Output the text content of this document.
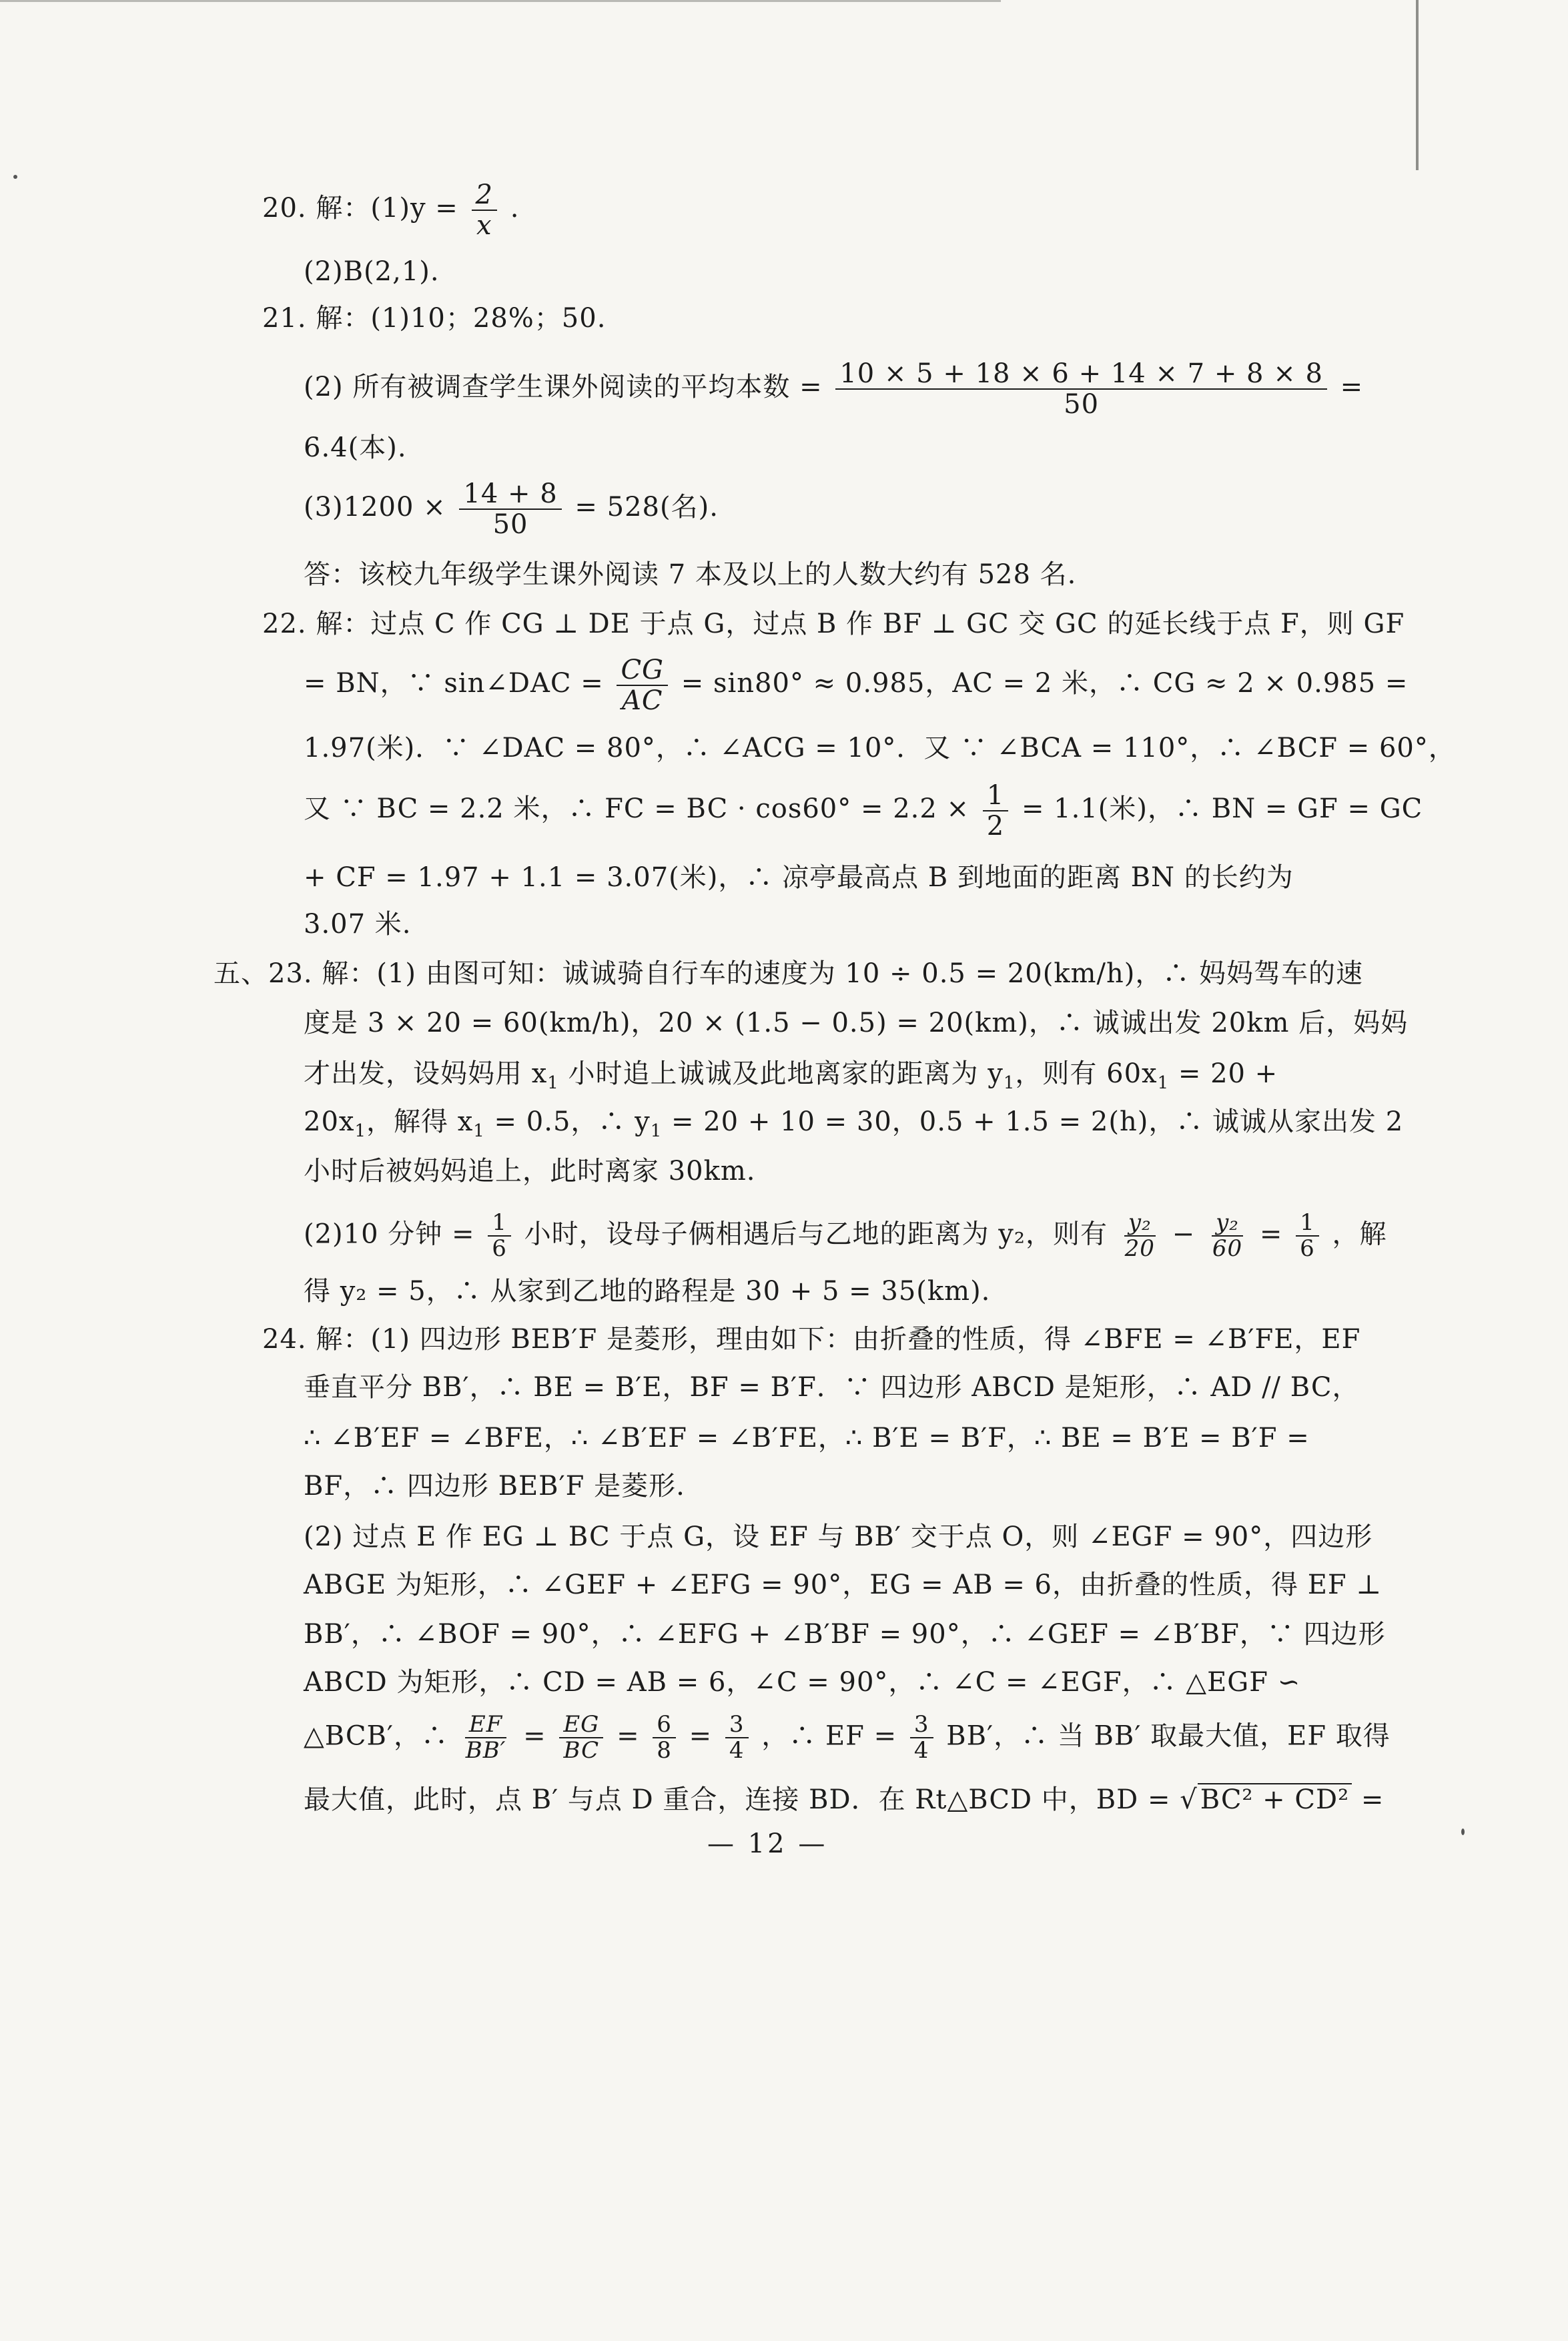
20. 解：$(1)y = \frac{2}{x}$ .
(2)B(2,1).
21. 解：(1)10；28%；50.
(2) 所有被调查学生课外阅读的平均本数 = $\frac{10 \times 5 + 18 \times 6 + 14 \times 7 + 8 \times 8}{50}$ =
6.4(本).
$(3)1200 \times \frac{14 + 8}{50} = 528$(名).
答：该校九年级学生课外阅读 7 本及以上的人数大约有 528 名.
22. 解：过点 C 作 CG ⊥ DE 于点 G，过点 B 作 BF ⊥ GC 交 GC 的延长线于点 F，则 GF
= BN，∵ sin∠DAC = $\frac{CG}{AC} = \sin 80^\circ \approx 0.985$，AC = 2 米，∴ CG ≈ 2 × 0.985 =
1.97(米)．∵ ∠DAC = 80°，∴ ∠ACG = 10°．又 ∵ ∠BCA = 110°，∴ ∠BCF = 60°，
又 ∵ BC = 2.2 米，∴ FC = BC · $\cos 60^\circ = 2.2 \times \frac{1}{2} = 1.1$(米)，∴ BN = GF = GC
+ CF = 1.97 + 1.1 = 3.07(米)，∴ 凉亭最高点 B 到地面的距离 BN 的长约为
3.07 米.
五、23. 解：(1) 由图可知：诚诚骑自行车的速度为 10 ÷ 0.5 = 20(km/h)，∴ 妈妈驾车的速
度是 3 × 20 = 60(km/h)，20 × (1.5 − 0.5) = 20(km)，∴ 诚诚出发 20km 后，妈妈
才出发，设妈妈用 $x_1$ 小时追上诚诚及此地离家的距离为 $y_1$，则有 $60x_1 = 20$ +
$20x_1$，解得 $x_1 = 0.5$，∴ $y_1 = 20 + 10 = 30$，0.5 + 1.5 = 2(h)，∴ 诚诚从家出发 2
小时后被妈妈追上，此时离家 30km.
(2)10 分钟 = $\frac{1}{6}$ 小时，设母子俩相遇后与乙地的距离为 y₂，则有 $\frac{\text{y₂}}{20} - \frac{\text{y₂}}{60} = \frac{1}{6}$ ，解
得 y₂ = 5，∴ 从家到乙地的路程是 30 + 5 = 35(km).
24. 解：(1) 四边形 BEB′F 是菱形，理由如下：由折叠的性质，得 ∠BFE = ∠B′FE，EF
垂直平分 BB′，∴ BE = B′E，BF = B′F．∵ 四边形 ABCD 是矩形，∴ AD // BC，
∴ ∠B′EF = ∠BFE，∴ ∠B′EF = ∠B′FE，∴ B′E = B′F，∴ BE = B′E = B′F =
BF，∴ 四边形 BEB′F 是菱形.
(2) 过点 E 作 EG ⊥ BC 于点 G，设 EF 与 BB′ 交于点 O，则 ∠EGF = 90°，四边形
ABGE 为矩形，∴ ∠GEF + ∠EFG = 90°，EG = AB = 6，由折叠的性质，得 EF ⊥
BB′，∴ ∠BOF = 90°，∴ ∠EFG + ∠B′BF = 90°，∴ ∠GEF = ∠B′BF，∵ 四边形
ABCD 为矩形，∴ CD = AB = 6，∠C = 90°，∴ ∠C = ∠EGF，∴ △EGF ∽
△BCB′，∴ $\frac{EF}{BB'} = \frac{EG}{BC} = \frac{6}{8} = \frac{3}{4}$ ，∴ EF = $\frac{3}{4} BB'$，∴ 当 BB′ 取最大值，EF 取得
最大值，此时，点 B′ 与点 D 重合，连接 BD．在 Rt△BCD 中，BD = √ BC² + CD² =
— 12 —
